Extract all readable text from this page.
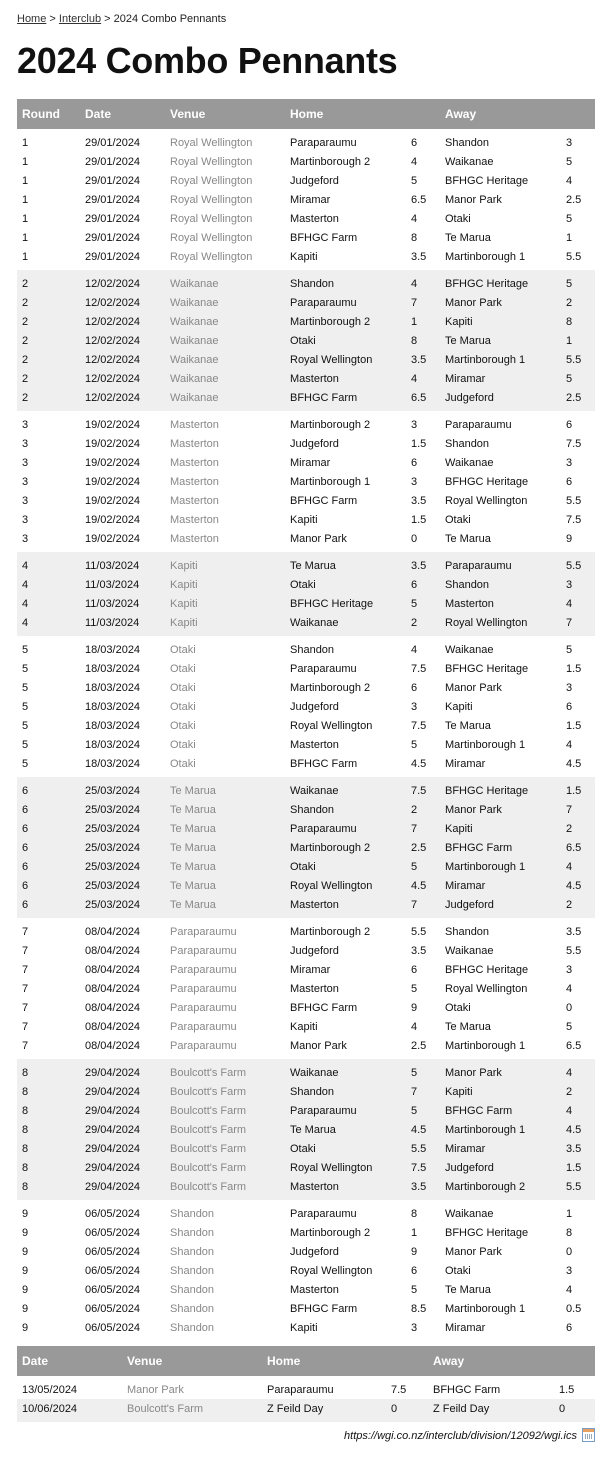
Home > Interclub > 2024 Combo Pennants
2024 Combo Pennants
Round	Date	Venue	Home		Away	
1	29/01/2024	Royal Wellington	Paraparaumu	6	Shandon	3
1	29/01/2024	Royal Wellington	Martinborough 2	4	Waikanae	5
1	29/01/2024	Royal Wellington	Judgeford	5	BFHGC Heritage	4
1	29/01/2024	Royal Wellington	Miramar	6.5	Manor Park	2.5
1	29/01/2024	Royal Wellington	Masterton	4	Otaki	5
1	29/01/2024	Royal Wellington	BFHGC Farm	8	Te Marua	1
1	29/01/2024	Royal Wellington	Kapiti	3.5	Martinborough 1	5.5
2	12/02/2024	Waikanae	Shandon	4	BFHGC Heritage	5
2	12/02/2024	Waikanae	Paraparaumu	7	Manor Park	2
2	12/02/2024	Waikanae	Martinborough 2	1	Kapiti	8
2	12/02/2024	Waikanae	Otaki	8	Te Marua	1
2	12/02/2024	Waikanae	Royal Wellington	3.5	Martinborough 1	5.5
2	12/02/2024	Waikanae	Masterton	4	Miramar	5
2	12/02/2024	Waikanae	BFHGC Farm	6.5	Judgeford	2.5
3	19/02/2024	Masterton	Martinborough 2	3	Paraparaumu	6
3	19/02/2024	Masterton	Judgeford	1.5	Shandon	7.5
3	19/02/2024	Masterton	Miramar	6	Waikanae	3
3	19/02/2024	Masterton	Martinborough 1	3	BFHGC Heritage	6
3	19/02/2024	Masterton	BFHGC Farm	3.5	Royal Wellington	5.5
3	19/02/2024	Masterton	Kapiti	1.5	Otaki	7.5
3	19/02/2024	Masterton	Manor Park	0	Te Marua	9
4	11/03/2024	Kapiti	Te Marua	3.5	Paraparaumu	5.5
4	11/03/2024	Kapiti	Otaki	6	Shandon	3
4	11/03/2024	Kapiti	BFHGC Heritage	5	Masterton	4
4	11/03/2024	Kapiti	Waikanae	2	Royal Wellington	7
5	18/03/2024	Otaki	Shandon	4	Waikanae	5
5	18/03/2024	Otaki	Paraparaumu	7.5	BFHGC Heritage	1.5
5	18/03/2024	Otaki	Martinborough 2	6	Manor Park	3
5	18/03/2024	Otaki	Judgeford	3	Kapiti	6
5	18/03/2024	Otaki	Royal Wellington	7.5	Te Marua	1.5
5	18/03/2024	Otaki	Masterton	5	Martinborough 1	4
5	18/03/2024	Otaki	BFHGC Farm	4.5	Miramar	4.5
6	25/03/2024	Te Marua	Waikanae	7.5	BFHGC Heritage	1.5
6	25/03/2024	Te Marua	Shandon	2	Manor Park	7
6	25/03/2024	Te Marua	Paraparaumu	7	Kapiti	2
6	25/03/2024	Te Marua	Martinborough 2	2.5	BFHGC Farm	6.5
6	25/03/2024	Te Marua	Otaki	5	Martinborough 1	4
6	25/03/2024	Te Marua	Royal Wellington	4.5	Miramar	4.5
6	25/03/2024	Te Marua	Masterton	7	Judgeford	2
7	08/04/2024	Paraparaumu	Martinborough 2	5.5	Shandon	3.5
7	08/04/2024	Paraparaumu	Judgeford	3.5	Waikanae	5.5
7	08/04/2024	Paraparaumu	Miramar	6	BFHGC Heritage	3
7	08/04/2024	Paraparaumu	Masterton	5	Royal Wellington	4
7	08/04/2024	Paraparaumu	BFHGC Farm	9	Otaki	0
7	08/04/2024	Paraparaumu	Kapiti	4	Te Marua	5
7	08/04/2024	Paraparaumu	Manor Park	2.5	Martinborough 1	6.5
8	29/04/2024	Boulcott's Farm	Waikanae	5	Manor Park	4
8	29/04/2024	Boulcott's Farm	Shandon	7	Kapiti	2
8	29/04/2024	Boulcott's Farm	Paraparaumu	5	BFHGC Farm	4
8	29/04/2024	Boulcott's Farm	Te Marua	4.5	Martinborough 1	4.5
8	29/04/2024	Boulcott's Farm	Otaki	5.5	Miramar	3.5
8	29/04/2024	Boulcott's Farm	Royal Wellington	7.5	Judgeford	1.5
8	29/04/2024	Boulcott's Farm	Masterton	3.5	Martinborough 2	5.5
9	06/05/2024	Shandon	Paraparaumu	8	Waikanae	1
9	06/05/2024	Shandon	Martinborough 2	1	BFHGC Heritage	8
9	06/05/2024	Shandon	Judgeford	9	Manor Park	0
9	06/05/2024	Shandon	Royal Wellington	6	Otaki	3
9	06/05/2024	Shandon	Masterton	5	Te Marua	4
9	06/05/2024	Shandon	BFHGC Farm	8.5	Martinborough 1	0.5
9	06/05/2024	Shandon	Kapiti	3	Miramar	6
Date	Venue	Home		Away	
13/05/2024	Manor Park	Paraparaumu	7.5	BFHGC Farm	1.5
10/06/2024	Boulcott's Farm	Z Feild Day	0	Z Feild Day	0
https://wgi.co.nz/interclub/division/12092/wgi.ics
